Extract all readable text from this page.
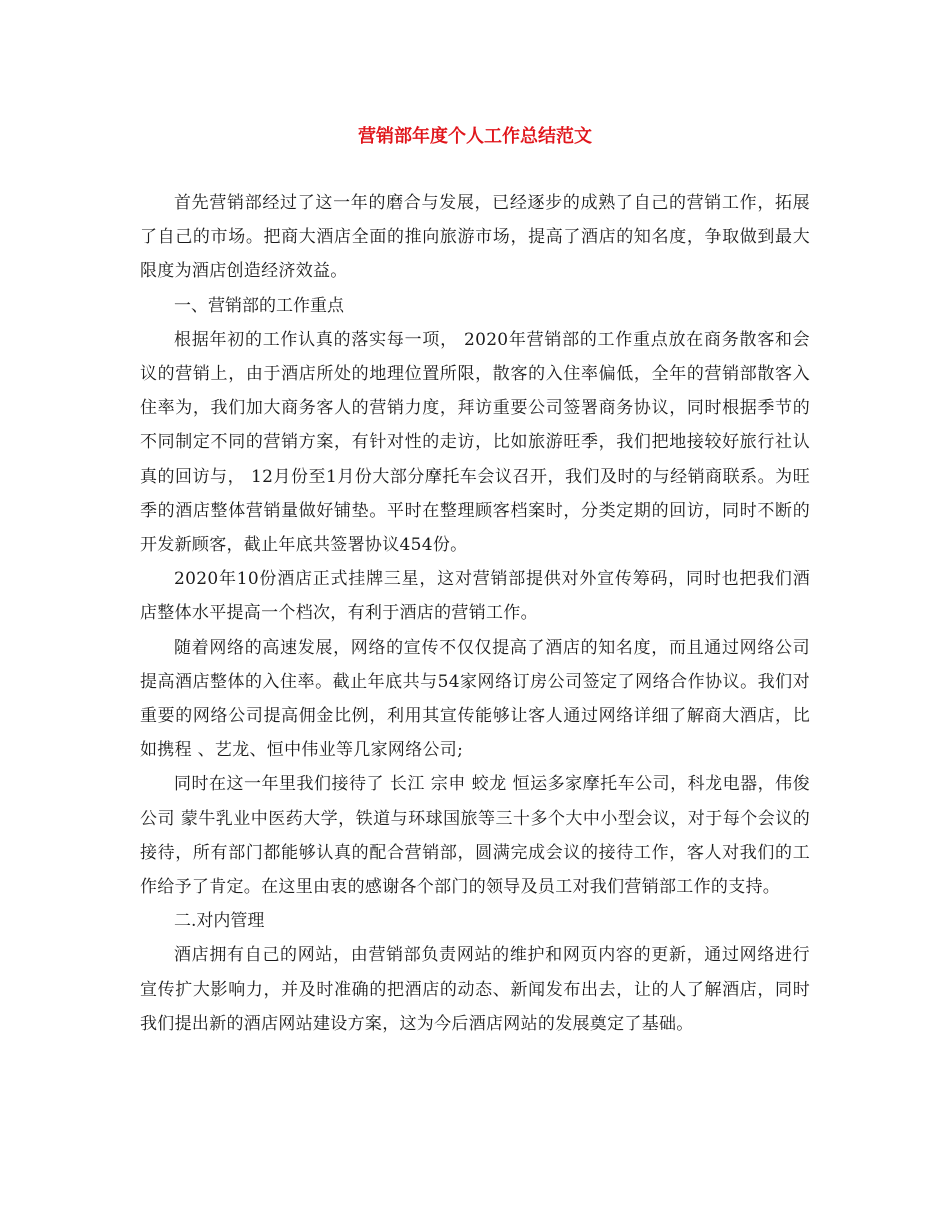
营销部年度个人工作总结范文

首先营销部经过了这一年的磨合与发展，已经逐步的成熟了自己的营销工作，拓展了自己的市场。把商大酒店全面的推向旅游市场，提高了酒店的知名度，争取做到最大限度为酒店创造经济效益。

一、营销部的工作重点

根据年初的工作认真的落实每一项， 2020年营销部的工作重点放在商务散客和会议的营销上，由于酒店所处的地理位置所限，散客的入住率偏低，全年的营销部散客入住率为，我们加大商务客人的营销力度，拜访重要公司签署商务协议，同时根据季节的不同制定不同的营销方案，有针对性的走访，比如旅游旺季，我们把地接较好旅行社认真的回访与， 12月份至1月份大部分摩托车会议召开，我们及时的与经销商联系。为旺季的酒店整体营销量做好铺垫。平时在整理顾客档案时，分类定期的回访，同时不断的开发新顾客，截止年底共签署协议454份。

2020年10份酒店正式挂牌三星，这对营销部提供对外宣传筹码，同时也把我们酒店整体水平提高一个档次，有利于酒店的营销工作。

随着网络的高速发展，网络的宣传不仅仅提高了酒店的知名度，而且通过网络公司提高酒店整体的入住率。截止年底共与54家网络订房公司签定了网络合作协议。我们对重要的网络公司提高佣金比例，利用其宣传能够让客人通过网络详细了解商大酒店，比如携程 、艺龙、恒中伟业等几家网络公司;

同时在这一年里我们接待了 长江 宗申 蛟龙 恒运多家摩托车公司，科龙电器，伟俊公司 蒙牛乳业中医药大学，铁道与环球国旅等三十多个大中小型会议，对于每个会议的接待，所有部门都能够认真的配合营销部，圆满完成会议的接待工作，客人对我们的工作给予了肯定。在这里由衷的感谢各个部门的领导及员工对我们营销部工作的支持。

二.对内管理

酒店拥有自己的网站，由营销部负责网站的维护和网页内容的更新，通过网络进行宣传扩大影响力，并及时准确的把酒店的动态、新闻发布出去，让的人了解酒店，同时我们提出新的酒店网站建设方案，这为今后酒店网站的发展奠定了基础。
